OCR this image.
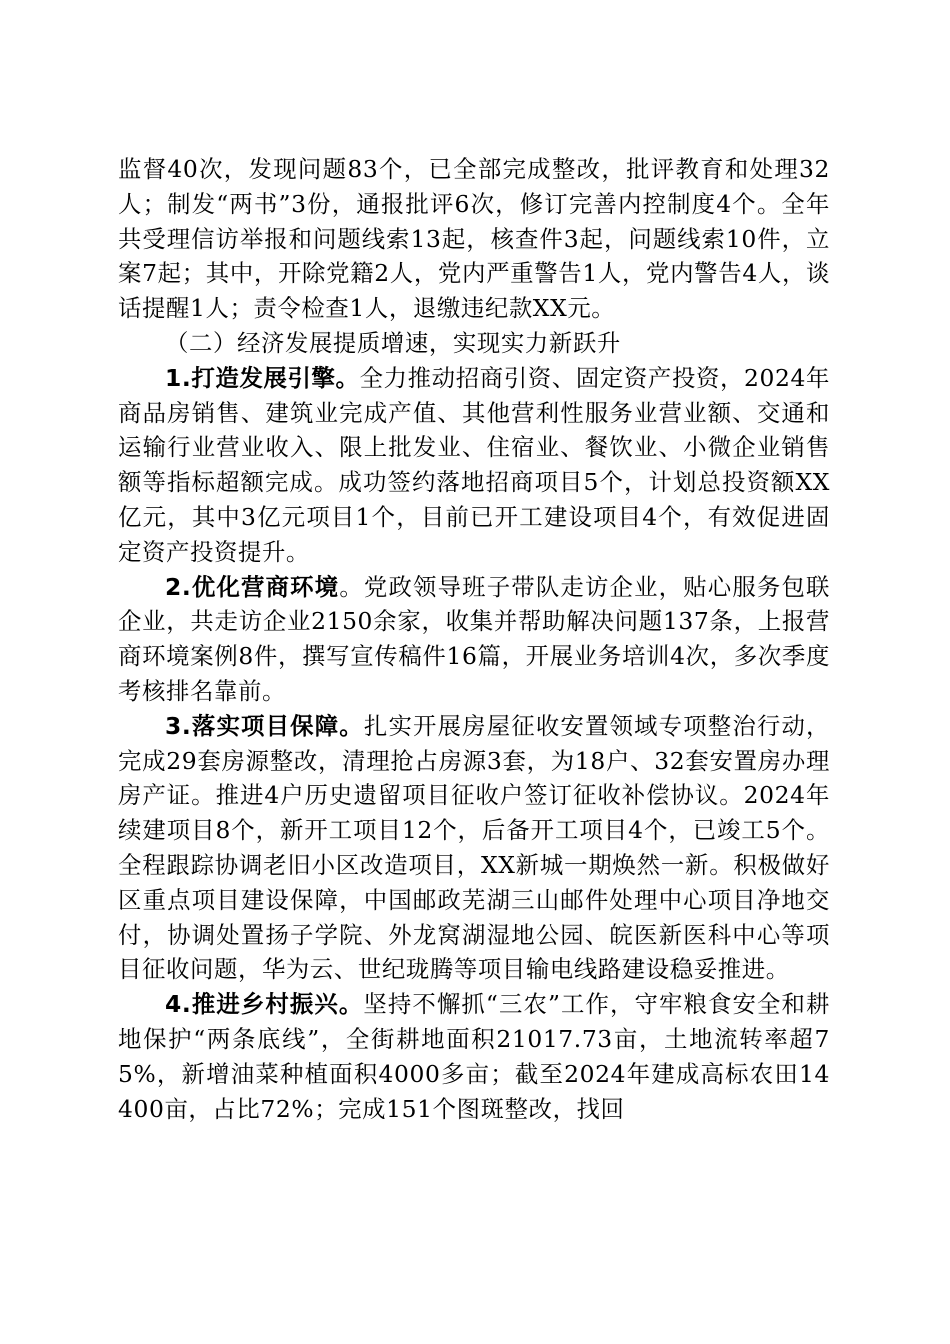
监督40次，发现问题83个，已全部完成整改，批评教育和处理32人；制发“两书”3份，通报批评6次，修订完善内控制度4个。全年共受理信访举报和问题线索13起，核查件3起，问题线索10件，立案7起；其中，开除党籍2人，党内严重警告1人，党内警告4人，谈话提醒1人；责令检查1人，退缴违纪款XX元。

（二）经济发展提质增速，实现实力新跃升

1.打造发展引擎。全力推动招商引资、固定资产投资，2024年商品房销售、建筑业完成产值、其他营利性服务业营业额、交通和运输行业营业收入、限上批发业、住宿业、餐饮业、小微企业销售额等指标超额完成。成功签约落地招商项目5个，计划总投资额XX亿元，其中3亿元项目1个，目前已开工建设项目4个，有效促进固定资产投资提升。

2.优化营商环境。党政领导班子带队走访企业，贴心服务包联企业，共走访企业2150余家，收集并帮助解决问题137条，上报营商环境案例8件，撰写宣传稿件16篇，开展业务培训4次，多次季度考核排名靠前。

3.落实项目保障。扎实开展房屋征收安置领域专项整治行动，完成29套房源整改，清理抢占房源3套，为18户、32套安置房办理房产证。推进4户历史遗留项目征收户签订征收补偿协议。2024年续建项目8个，新开工项目12个，后备开工项目4个，已竣工5个。全程跟踪协调老旧小区改造项目，XX新城一期焕然一新。积极做好区重点项目建设保障，中国邮政芜湖三山邮件处理中心项目净地交付，协调处置扬子学院、外龙窝湖湿地公园、皖医新医科中心等项目征收问题，华为云、世纪珑腾等项目输电线路建设稳妥推进。

4.推进乡村振兴。坚持不懈抓“三农”工作，守牢粮食安全和耕地保护“两条底线”，全街耕地面积21017.73亩，土地流转率超75%，新增油菜种植面积4000多亩；截至2024年建成高标农田14400亩，占比72%；完成151个图斑整改，找回
